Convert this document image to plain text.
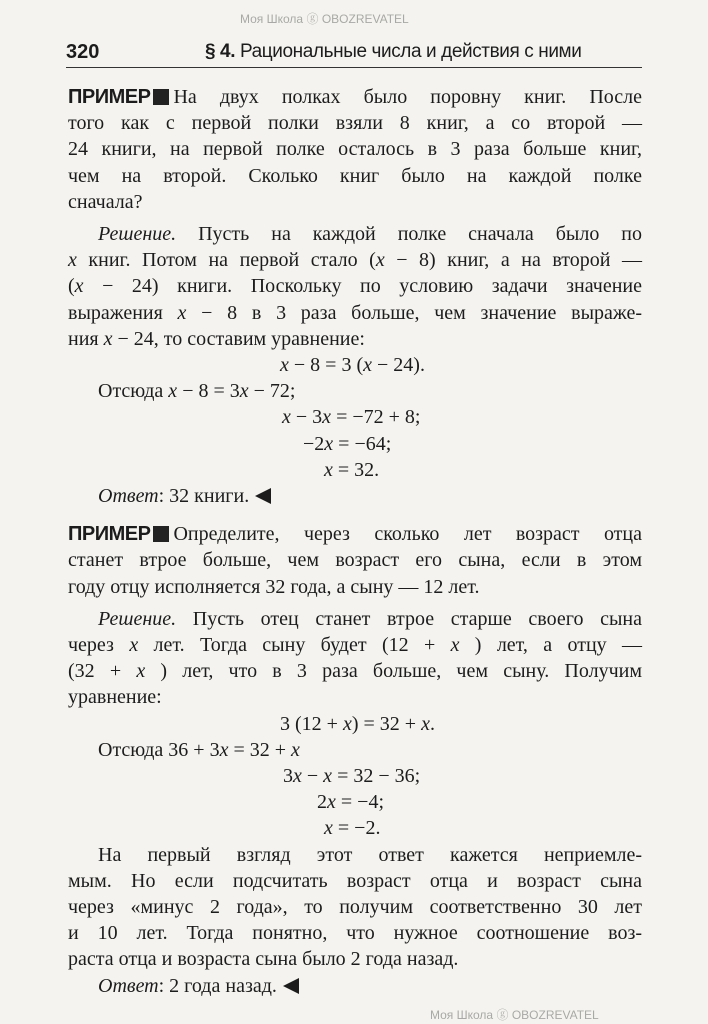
320	§ 4. Рациональные числа и действия с ними
ПРИМЕР На двух полках было поровну книг. После
того как с первой полки взяли 8 книг, а со второй —
24 книги, на первой полке осталось в 3 раза больше книг,
чем на второй. Сколько книг было на каждой полке
сначала?
Решение. Пусть на каждой полке сначала было по
x книг. Потом на первой стало (x − 8) книг, а на второй —
(x − 24) книги. Поскольку по условию задачи значение
выражения x − 8 в 3 раза больше, чем значение выраже-
ния x − 24, то составим уравнение:
x − 8 = 3 (x − 24).
Отсюда x − 8 = 3x − 72;
x − 3x = −72 + 8;
−2x = −64;
x = 32.
Ответ: 32 книги.
ПРИМЕР Определите, через сколько лет возраст отца
станет втрое больше, чем возраст его сына, если в этом
году отцу исполняется 32 года, а сыну — 12 лет.
Решение. Пусть отец станет втрое старше своего сына
через x лет. Тогда сыну будет (12 + x ) лет, а отцу —
(32 + x ) лет, что в 3 раза больше, чем сыну. Получим
уравнение:
3 (12 + x) = 32 + x.
Отсюда 36 + 3x = 32 + x
3x − x = 32 − 36;
2x = −4;
x = −2.
На первый взгляд этот ответ кажется неприемле-
мым. Но если подсчитать возраст отца и возраст сына
через «минус 2 года», то получим соответственно 30 лет
и 10 лет. Тогда понятно, что нужное соотношение воз-
раста отца и возраста сына было 2 года назад.
Ответ: 2 года назад.
Моя Школа ⓖ OBOZREVATEL
Моя Школа ⓖ OBOZREVATEL
